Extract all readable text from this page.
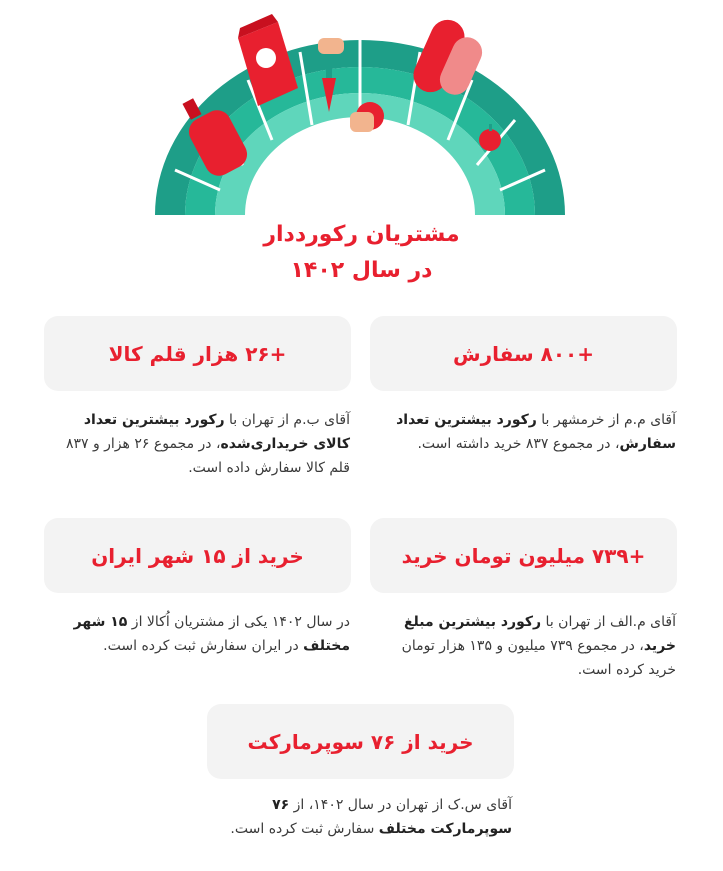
مشتریان رکورددار
در سال ۱۴۰۲
+۸۰۰ سفارش
آقای م.م از خرمشهر با رکورد بیشترین تعداد سفارش، در مجموع ۸۳۷ خرید داشته است.
+۲۶ هزار قلم کالا
آقای ب.م از تهران با رکورد بیشترین تعداد کالای خریداری‌شده، در مجموع ۲۶ هزار و ۸۳۷ قلم کالا سفارش داده است.
+۷۳۹ میلیون تومان خرید
آقای م.الف از تهران با رکورد بیشترین مبلغ خرید، در مجموع ۷۳۹ میلیون و ۱۳۵ هزار تومان خرید کرده است.
خرید از ۱۵ شهر ایران
در سال ۱۴۰۲ یکی از مشتریان اُکالا از ۱۵ شهر مختلف در ایران سفارش ثبت کرده است.
خرید از ۷۶ سوپرمارکت
آقای س.ک از تهران در سال ۱۴۰۲، از ۷۶ سوپرمارکت مختلف سفارش ثبت کرده است.
